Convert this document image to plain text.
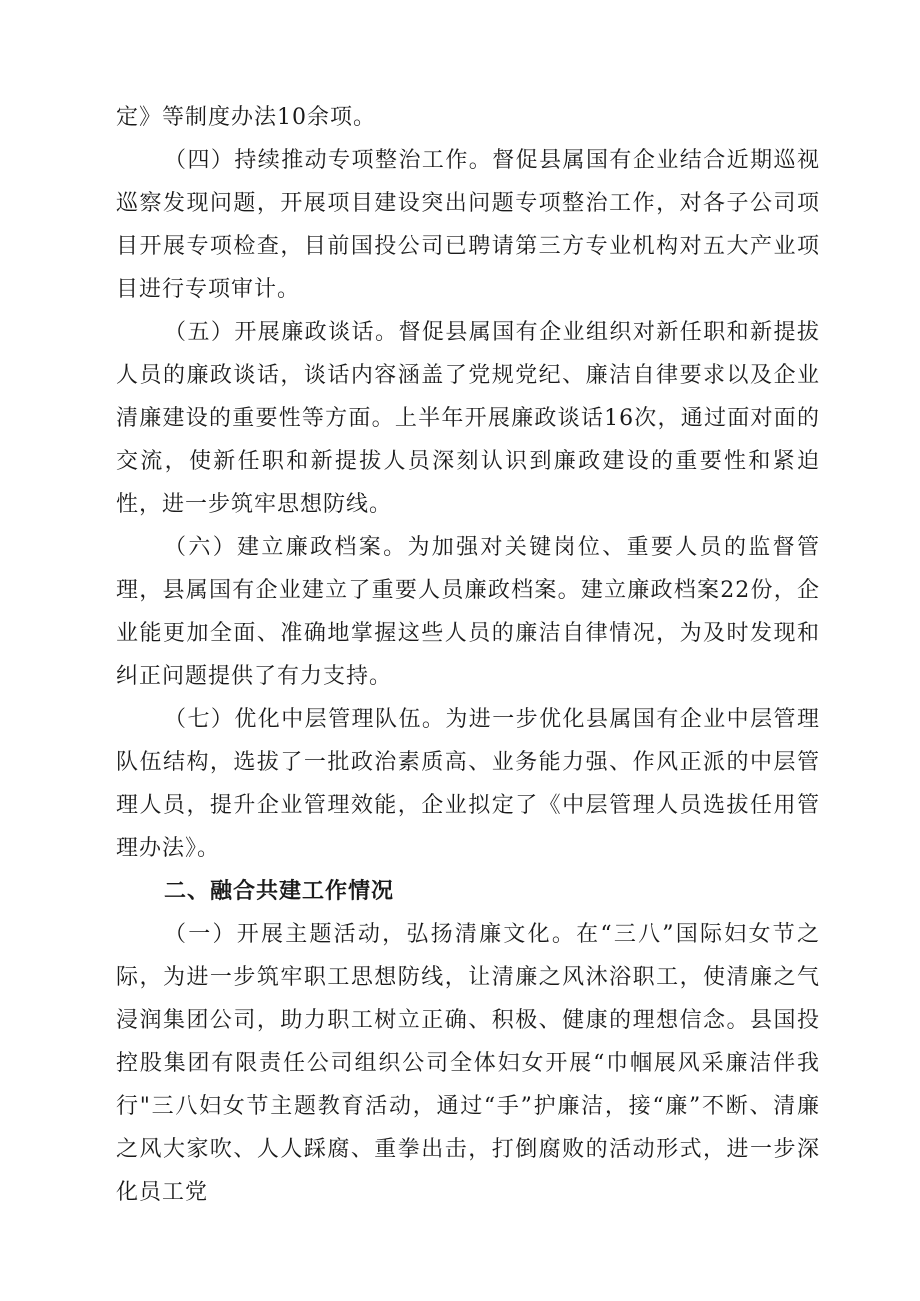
定》等制度办法10余项。

（四）持续推动专项整治工作。督促县属国有企业结合近期巡视巡察发现问题，开展项目建设突出问题专项整治工作，对各子公司项目开展专项检查，目前国投公司已聘请第三方专业机构对五大产业项目进行专项审计。

（五）开展廉政谈话。督促县属国有企业组织对新任职和新提拔人员的廉政谈话，谈话内容涵盖了党规党纪、廉洁自律要求以及企业清廉建设的重要性等方面。上半年开展廉政谈话16次，通过面对面的交流，使新任职和新提拔人员深刻认识到廉政建设的重要性和紧迫性，进一步筑牢思想防线。

（六）建立廉政档案。为加强对关键岗位、重要人员的监督管理，县属国有企业建立了重要人员廉政档案。建立廉政档案22份，企业能更加全面、准确地掌握这些人员的廉洁自律情况，为及时发现和纠正问题提供了有力支持。

（七）优化中层管理队伍。为进一步优化县属国有企业中层管理队伍结构，选拔了一批政治素质高、业务能力强、作风正派的中层管理人员，提升企业管理效能，企业拟定了《中层管理人员选拔任用管理办法》。

二、融合共建工作情况

（一）开展主题活动，弘扬清廉文化。在“三八”国际妇女节之际，为进一步筑牢职工思想防线，让清廉之风沐浴职工，使清廉之气浸润集团公司，助力职工树立正确、积极、健康的理想信念。县国投控股集团有限责任公司组织公司全体妇女开展“巾帼展风采廉洁伴我行"三八妇女节主题教育活动，通过“手”护廉洁，接“廉”不断、清廉之风大家吹、人人踩腐、重拳出击，打倒腐败的活动形式，进一步深化员工党
